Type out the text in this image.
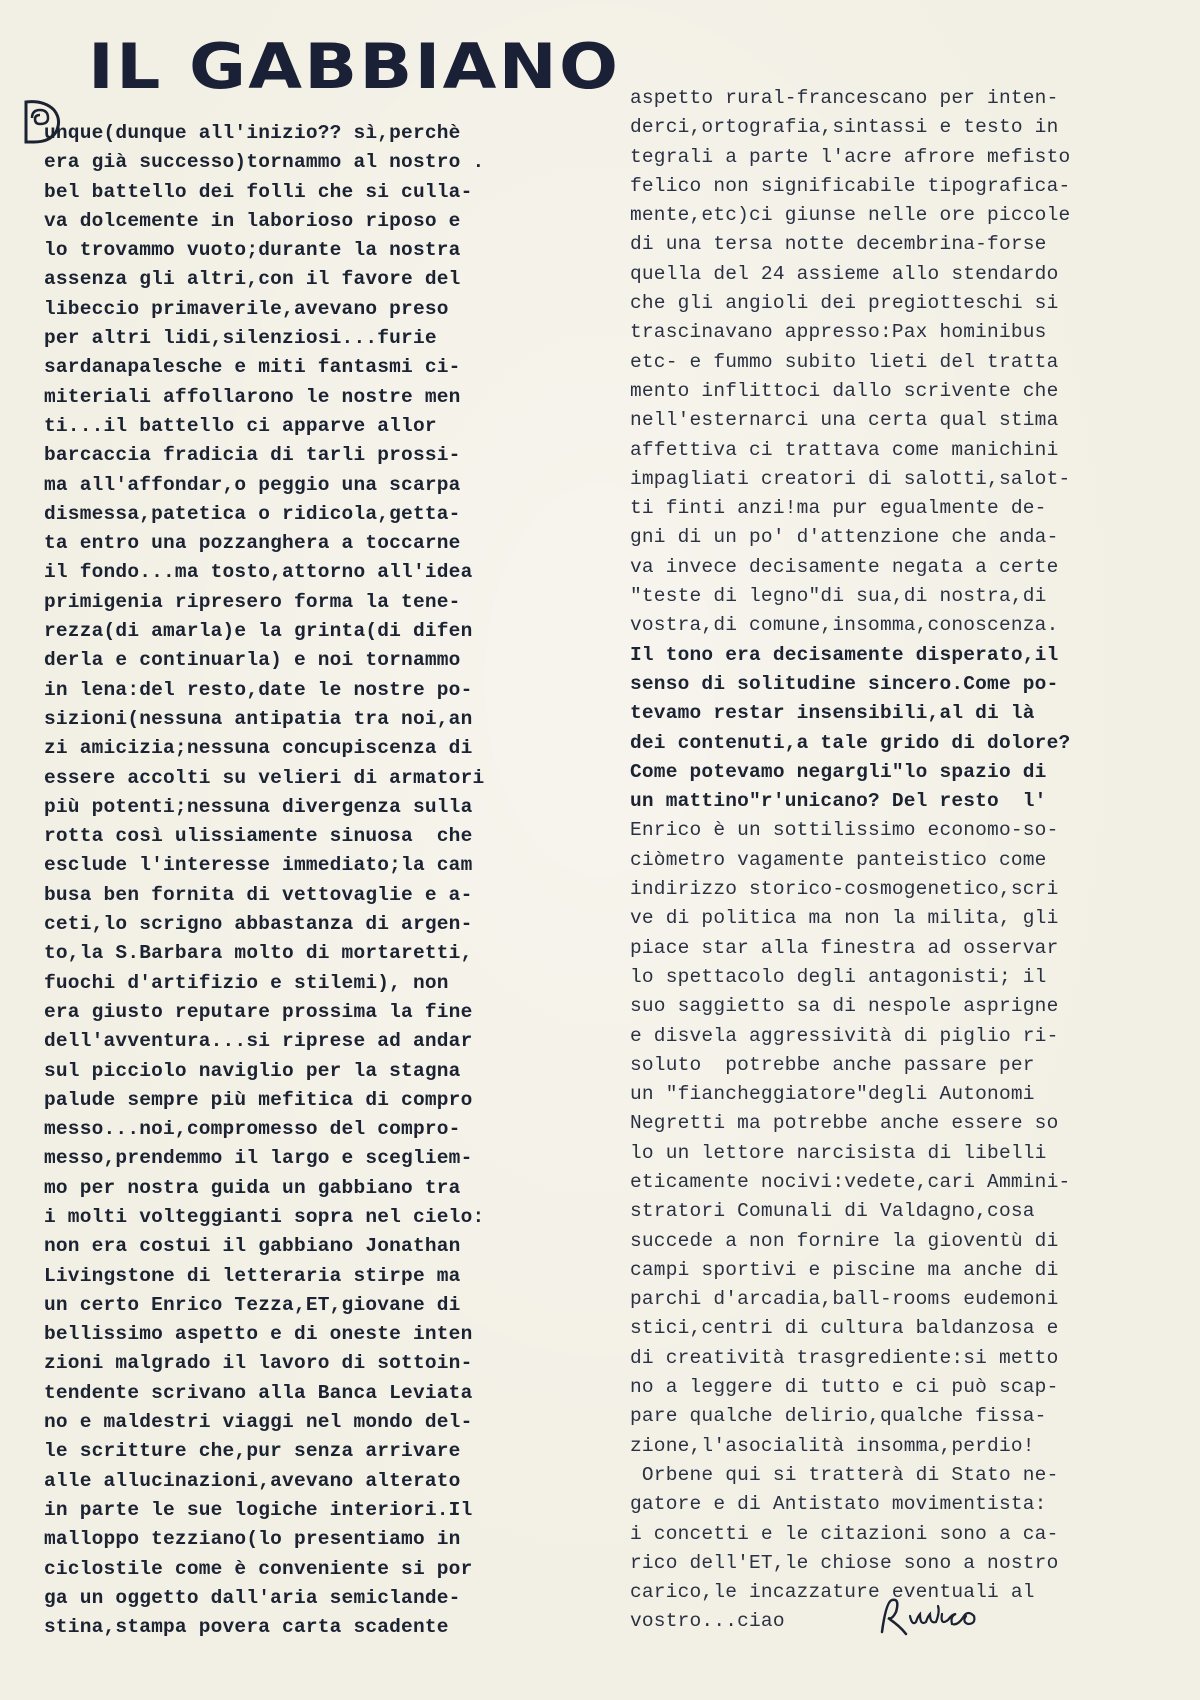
IL GABBIANO
unque(dunque all'inizio?? sì,perchè
era già successo)tornammo al nostro .
bel battello dei folli che si culla-
va dolcemente in laborioso riposo e
lo trovammo vuoto;durante la nostra
assenza gli altri,con il favore del
libeccio primaverile,avevano preso
per altri lidi,silenziosi...furie
sardanapalesche e miti fantasmi ci-
miteriali affollarono le nostre men
ti...il battello ci apparve allor
barcaccia fradicia di tarli prossi-
ma all'affondar,o peggio una scarpa
dismessa,patetica o ridicola,getta-
ta entro una pozzanghera a toccarne
il fondo...ma tosto,attorno all'idea
primigenia ripresero forma la tene-
rezza(di amarla)e la grinta(di difen
derla e continuarla) e noi tornammo
in lena:del resto,date le nostre po-
sizioni(nessuna antipatia tra noi,an
zi amicizia;nessuna concupiscenza di
essere accolti su velieri di armatori
più potenti;nessuna divergenza sulla
rotta così ulissiamente sinuosa  che
esclude l'interesse immediato;la cam
busa ben fornita di vettovaglie e a-
ceti,lo scrigno abbastanza di argen-
to,la S.Barbara molto di mortaretti,
fuochi d'artifizio e stilemi), non
era giusto reputare prossima la fine
dell'avventura...si riprese ad andar
sul picciolo naviglio per la stagna
palude sempre più mefitica di compro
messo...noi,compromesso del compro-
messo,prendemmo il largo e scegliem-
mo per nostra guida un gabbiano tra
i molti volteggianti sopra nel cielo:
non era costui il gabbiano Jonathan
Livingstone di letteraria stirpe ma
un certo Enrico Tezza,ET,giovane di
bellissimo aspetto e di oneste inten
zioni malgrado il lavoro di sottoin-
tendente scrivano alla Banca Leviata
no e maldestri viaggi nel mondo del-
le scritture che,pur senza arrivare
alle allucinazioni,avevano alterato
in parte le sue logiche interiori.Il
malloppo tezziano(lo presentiamo in
ciclostile come è conveniente si por
ga un oggetto dall'aria semiclande-
stina,stampa povera carta scadente
aspetto rural-francescano per inten-
derci,ortografia,sintassi e testo in
tegrali a parte l'acre afrore mefisto
felico non significabile tipografica-
mente,etc)ci giunse nelle ore piccole
di una tersa notte decembrina-forse
quella del 24 assieme allo stendardo
che gli angioli dei pregiotteschi si
trascinavano appresso:Pax hominibus
etc- e fummo subito lieti del tratta
mento inflittoci dallo scrivente che
nell'esternarci una certa qual stima
affettiva ci trattava come manichini
impagliati creatori di salotti,salot-
ti finti anzi!ma pur egualmente de-
gni di un po' d'attenzione che anda-
va invece decisamente negata a certe
"teste di legno"di sua,di nostra,di
vostra,di comune,insomma,conoscenza.
Il tono era decisamente disperato,il
senso di solitudine sincero.Come po-
tevamo restar insensibili,al di là
dei contenuti,a tale grido di dolore?
Come potevamo negargli"lo spazio di
un mattino"r'unicano? Del resto  l'
Enrico è un sottilissimo economo-so-
ciòmetro vagamente panteistico come
indirizzo storico-cosmogenetico,scri
ve di politica ma non la milita, gli
piace star alla finestra ad osservar
lo spettacolo degli antagonisti; il
suo saggietto sa di nespole asprigne
e disvela aggressività di piglio ri-
soluto  potrebbe anche passare per
un "fiancheggiatore"degli Autonomi
Negretti ma potrebbe anche essere so
lo un lettore narcisista di libelli
eticamente nocivi:vedete,cari Ammini-
stratori Comunali di Valdagno,cosa
succede a non fornire la gioventù di
campi sportivi e piscine ma anche di
parchi d'arcadia,ball-rooms eudemoni
stici,centri di cultura baldanzosa e
di creatività trasgrediente:si metto
no a leggere di tutto e ci può scap-
pare qualche delirio,qualche fissa-
zione,l'asocialità insomma,perdio!
Orbene qui si tratterà di Stato ne-
gatore e di Antistato movimentista:
i concetti e le citazioni sono a ca-
rico dell'ET,le chiose sono a nostro
carico,le incazzature eventuali al
vostro...ciao
